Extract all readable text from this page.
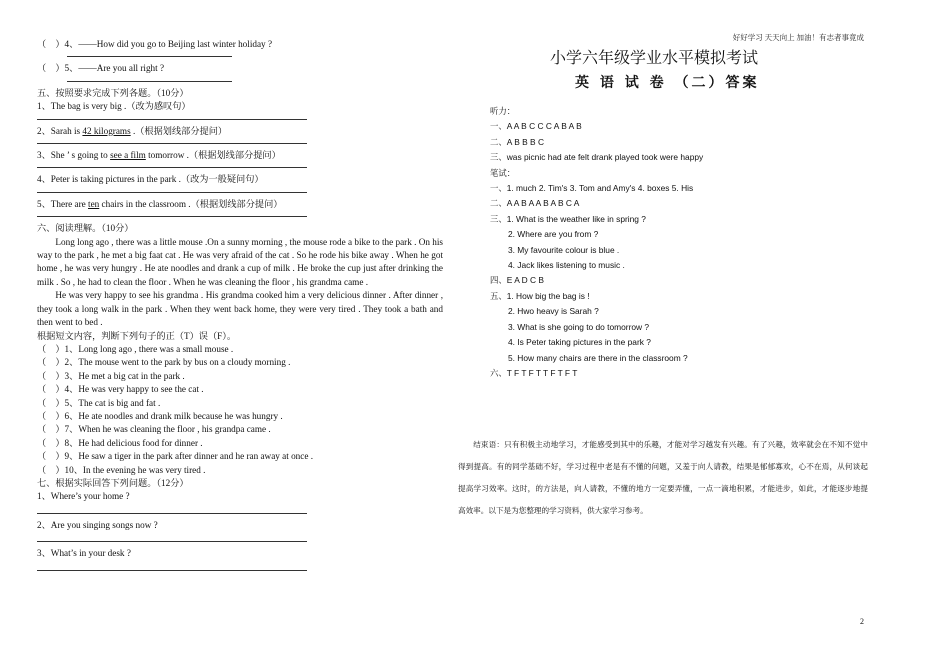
好好学习 天天向上 加油！有志者事竟成
（　）4、——How did you go to Beijing last winter holiday ?
（　）5、——Are you all right ?
五、按照要求完成下列各题。（10分）
1、The bag is very big .（改为感叹句）
2、Sarah is 42 kilograms .（根据划线部分提问）
3、She ’ s going to see a film tomorrow .（根据划线部分提问）
4、Peter is taking pictures in the park .（改为一般疑问句）
5、There are ten chairs in the classroom .（根据划线部分提问）
六、阅读理解。（10分）
Long long ago , there was a little mouse .On a sunny morning , the mouse rode a bike to the park . On his way to the park , he met a big faat cat . He was very afraid of the cat . So he rode his bike away . When he got home , he was very hungry . He ate noodles and drank a cup of milk . He broke the cup just after drinking the milk . So , he had to clean the floor . When he was cleaning the floor , his grandma came .
He was very happy to see his grandma . His grandma cooked him a very delicious dinner . After dinner , they took a long walk in the park . When they went back home, they were very tired . They took a bath and then went to bed .
根据短文内容，判断下列句子的正（T）误（F）。
（　）1、Long long ago , there was a small mouse .
（　）2、The mouse went to the park by bus on a cloudy morning .
（　）3、He met a big cat in the park .
（　）4、He was very happy to see the cat .
（　）5、The cat is big and fat .
（　）6、He ate noodles and drank milk because he was hungry .
（　）7、When he was cleaning the floor , his grandpa came .
（　）8、He had delicious food for dinner .
（　）9、He saw a tiger in the park after dinner and he ran away at once .
（　）10、In the evening he was very tired .
七、根据实际回答下列问题。（12分）
1、Where’s your home ?
2、Are you singing songs now ?
3、What’s in your desk ?
小学六年级学业水平模拟考试
英 语 试 卷 （二）答案
听力：
一、A A B C C C A B A B
二、A B B B C
三、was picnic had ate felt drank played took were happy
笔试：
一、1. much 2. Tim's 3. Tom and Amy's 4. boxes 5. His
二、A A B A A B A B C A
三、1. What is the weather like in spring ?
2. Where are you from ?
3. My favourite colour is blue .
4. Jack likes listening to music .
四、E A D C B
五、1. How big the bag is !
2. Hwo heavy is Sarah ?
3. What is she going to do tomorrow ?
4. Is Peter taking pictures in the park ?
5. How many chairs are there in the classroom ?
六、T F T F T T F T F T
结束语：只有积极主动地学习，才能感受到其中的乐趣，才能对学习越发有兴趣。有了兴趣，效率就会在不知不觉中得到提高。有的同学基础不好，学习过程中老是有不懂的问题，又羞于向人请教，结果是郁郁寡欢，心不在焉，从何谈起提高学习效率。这时，的方法是，向人请教，不懂的地方一定要弄懂，一点一滴地积累，才能进步，如此，才能逐步地提高效率。以下是为您整理的学习资料，供大家学习参考。
2
